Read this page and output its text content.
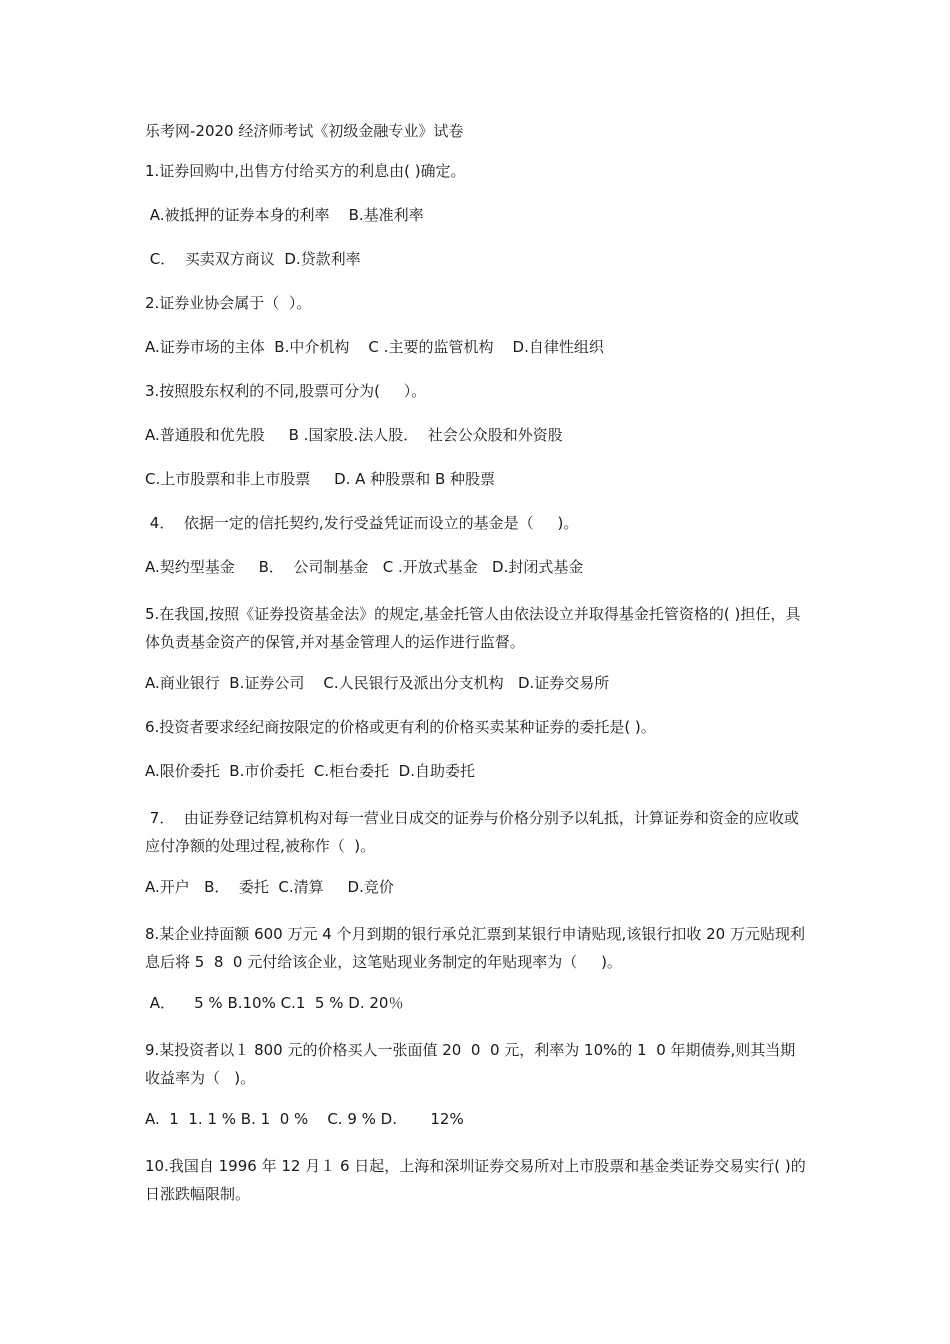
乐考网-2020 经济师考试《初级金融专业》试卷
1.证券回购中,出售方付给买方的利息由( )确定。
A.被抵押的证券本身的利率    B.基准利率
C．  买卖双方商议  D.贷款利率
2.证券业协会属于（  ）。
A.证券市场的主体  B.中介机构    C .主要的监管机构    D.自律性组织
3.按照股东权利的不同,股票可分为(     ）。
A.普通股和优先股     B .国家股.法人股．  社会公众股和外资股
C.上市股票和非上市股票     D. A 种股票和 B 种股票
4．  依据一定的信托契约,发行受益凭证而设立的基金是（     )。
A.契约型基金     B．  公司制基金   C .开放式基金   D.封闭式基金
5.在我国,按照《证券投资基金法》的规定,基金托管人由依法设立并取得基金托管资格的( )担任，具体负责基金资产的保管,并对基金管理人的运作进行监督。
A.商业银行  B.证券公司    C.人民银行及派出分支机构   D.证券交易所
6.投资者要求经纪商按限定的价格或更有利的价格买卖某种证券的委托是( )。
A.限价委托  B.市价委托  C.柜台委托  D.自助委托
7．  由证券登记结算机构对每一营业日成交的证券与价格分别予以轧抵，计算证券和资金的应收或应付净额的处理过程,被称作（  )。
A.开户   B．  委托  C.清算     D.竞价
8.某企业持面额 600 万元 4 个月到期的银行承兑汇票到某银行申请贴现,该银行扣收 20 万元贴现利息后将 5  8  0 元付给该企业，这笔贴现业务制定的年贴现率为（     )。
A．    5 % B.10% C.1  5 % D. 20％
9.某投资者以１ 800 元的价格买人一张面值 20  0  0 元，利率为 10%的 1  0 年期债券,则其当期收益率为（   )。
A.  1  1. 1 % B. 1  0 %    C. 9 % D.       12%
10.我国自 1996 年 12 月１ 6 日起，上海和深圳证券交易所对上市股票和基金类证券交易实行( )的日涨跌幅限制。
